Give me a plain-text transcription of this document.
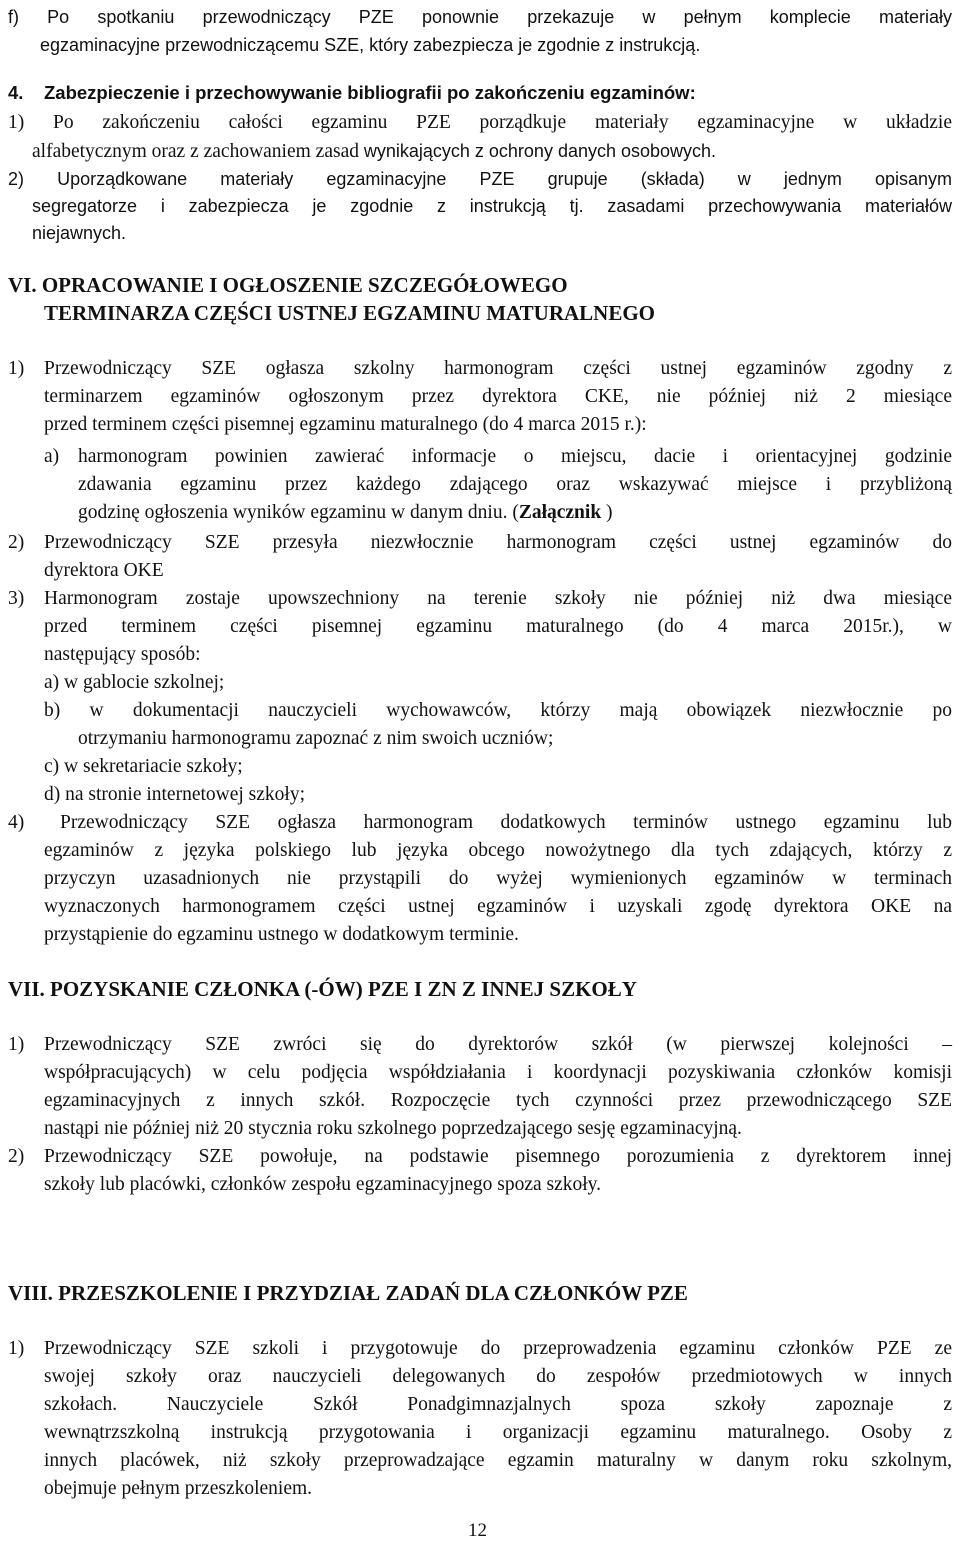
f) Po spotkaniu przewodniczący PZE ponownie przekazuje w pełnym komplecie materiały
egzaminacyjne przewodniczącemu SZE, który zabezpiecza je zgodnie z instrukcją.
4. Zabezpieczenie i przechowywanie bibliografii po zakończeniu egzaminów:
1) Po zakończeniu całości egzaminu PZE porządkuje materiały egzaminacyjne w układzie
alfabetycznym oraz z zachowaniem zasad wynikających z ochrony danych osobowych.
2) Uporządkowane materiały egzaminacyjne PZE grupuje (składa) w jednym opisanym
segregatorze i zabezpiecza je zgodnie z instrukcją tj. zasadami przechowywania materiałów
niejawnych.
VI. OPRACOWANIE I OGŁOSZENIE SZCZEGÓŁOWEGO
TERMINARZA CZĘŚCI USTNEJ EGZAMINU MATURALNEGO
1) Przewodniczący SZE ogłasza szkolny harmonogram części ustnej egzaminów zgodny z
terminarzem egzaminów ogłoszonym przez dyrektora CKE, nie później niż 2 miesiące
przed terminem części pisemnej egzaminu maturalnego (do 4 marca 2015 r.):
a) harmonogram powinien zawierać informacje o miejscu, dacie i orientacyjnej godzinie
zdawania egzaminu przez każdego zdającego oraz wskazywać miejsce i przybliżoną
godzinę ogłoszenia wyników egzaminu w danym dniu. (Załącznik )
2) Przewodniczący SZE przesyła niezwłocznie harmonogram części ustnej egzaminów do
dyrektora OKE
3) Harmonogram zostaje upowszechniony na terenie szkoły nie później niż dwa miesiące
przed terminem części pisemnej egzaminu maturalnego (do 4 marca 2015r.), w
następujący sposób:
a) w gablocie szkolnej;
b) w dokumentacji nauczycieli wychowawców, którzy mają obowiązek niezwłocznie po
otrzymaniu harmonogramu zapoznać z nim swoich uczniów;
c) w sekretariacie szkoły;
d) na stronie internetowej szkoły;
4) Przewodniczący SZE ogłasza harmonogram dodatkowych terminów ustnego egzaminu lub
egzaminów z języka polskiego lub języka obcego nowożytnego dla tych zdających, którzy z
przyczyn uzasadnionych nie przystąpili do wyżej wymienionych egzaminów w terminach
wyznaczonych harmonogramem części ustnej egzaminów i uzyskali zgodę dyrektora OKE na
przystąpienie do egzaminu ustnego w dodatkowym terminie.
VII. POZYSKANIE CZŁONKA (-ÓW) PZE I ZN Z INNEJ SZKOŁY
1) Przewodniczący SZE zwróci się do dyrektorów szkół (w pierwszej kolejności –
współpracujących) w celu podjęcia współdziałania i koordynacji pozyskiwania członków komisji
egzaminacyjnych z innych szkół. Rozpoczęcie tych czynności przez przewodniczącego SZE
nastąpi nie później niż 20 stycznia roku szkolnego poprzedzającego sesję egzaminacyjną.
2) Przewodniczący SZE powołuje, na podstawie pisemnego porozumienia z dyrektorem innej
szkoły lub placówki, członków zespołu egzaminacyjnego spoza szkoły.
VIII. PRZESZKOLENIE I PRZYDZIAŁ ZADAŃ DLA CZŁONKÓW PZE
1) Przewodniczący SZE szkoli i przygotowuje do przeprowadzenia egzaminu członków PZE ze
swojej szkoły oraz nauczycieli delegowanych do zespołów przedmiotowych w innych
szkołach. Nauczyciele Szkół Ponadgimnazjalnych spoza szkoły zapoznaje z
wewnątrzszkolną instrukcją przygotowania i organizacji egzaminu maturalnego. Osoby z
innych placówek, niż szkoły przeprowadzające egzamin maturalny w danym roku szkolnym,
obejmuje pełnym przeszkoleniem.
12
